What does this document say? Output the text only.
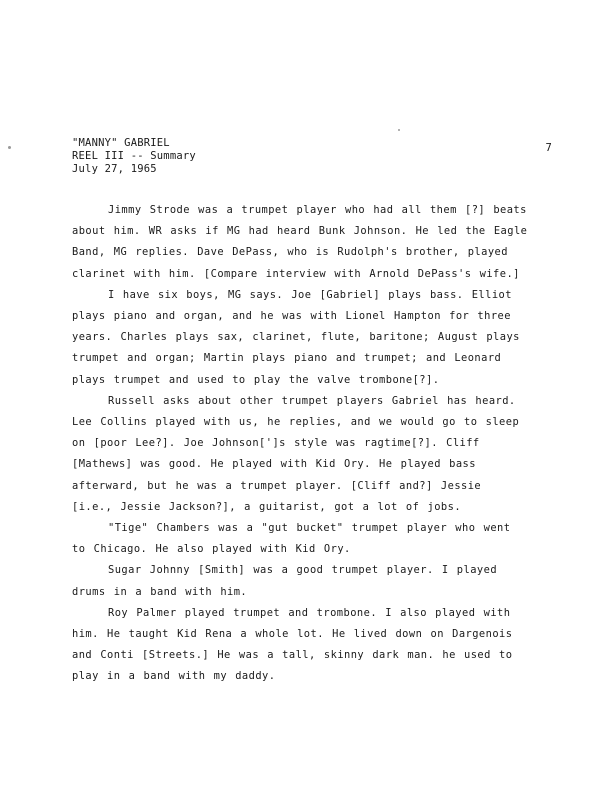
"MANNY" GABRIEL
REEL III -- Summary
July 27, 1965
7
Jimmy Strode was a trumpet player who had all them [?] beats
about him. WR asks if MG had heard Bunk Johnson. He led the Eagle
Band, MG replies. Dave DePass, who is Rudolph's brother, played
clarinet with him. [Compare interview with Arnold DePass's wife.]
I have six boys, MG says. Joe [Gabriel] plays bass. Elliot
plays piano and organ, and he was with Lionel Hampton for three
years. Charles plays sax, clarinet, flute, baritone; August plays
trumpet and organ; Martin plays piano and trumpet; and Leonard
plays trumpet and used to play the valve trombone[?].
Russell asks about other trumpet players Gabriel has heard.
Lee Collins played with us, he replies, and we would go to sleep
on [poor Lee?]. Joe Johnson[']s style was ragtime[?]. Cliff
[Mathews] was good. He played with Kid Ory. He played bass
afterward, but he was a trumpet player. [Cliff and?] Jessie
[i.e., Jessie Jackson?], a guitarist, got a lot of jobs.
"Tige" Chambers was a "gut bucket" trumpet player who went
to Chicago. He also played with Kid Ory.
Sugar Johnny [Smith] was a good trumpet player. I played
drums in a band with him.
Roy Palmer played trumpet and trombone. I also played with
him. He taught Kid Rena a whole lot. He lived down on Dargenois
and Conti [Streets.] He was a tall, skinny dark man. he used to
play in a band with my daddy.
